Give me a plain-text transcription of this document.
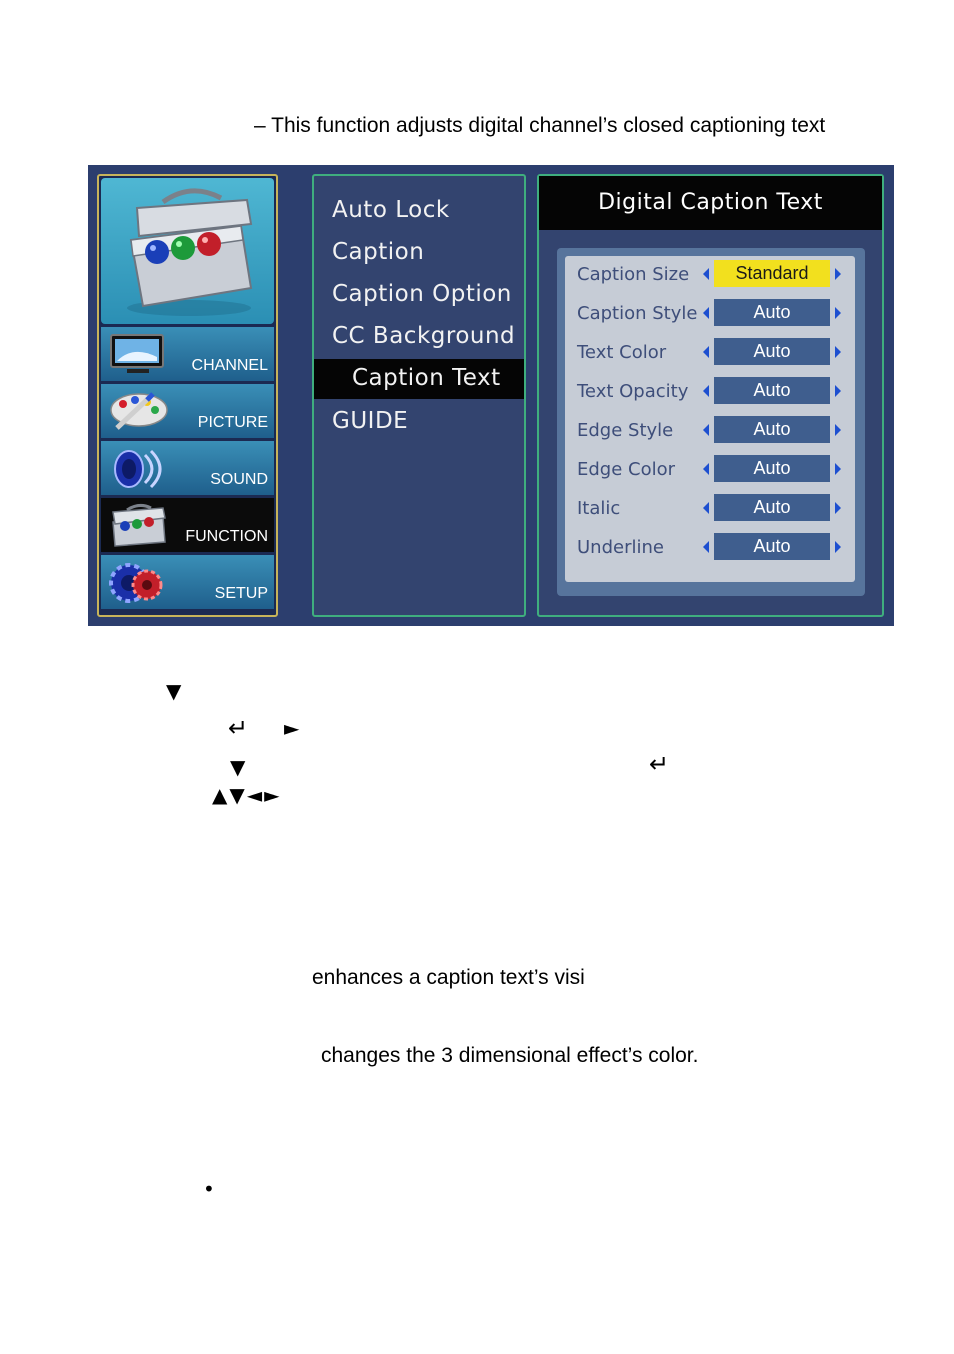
– This function adjusts digital channel’s closed captioning text
CHANNEL
PICTURE
SOUND
FUNCTION
SETUP
Auto Lock
Caption
Caption Option
CC Background
Caption Text
GUIDE
Digital Caption Text
Caption Size	Standard
Caption Style	Auto
Text Color	Auto
Text Opacity	Auto
Edge Style	Auto
Edge Color	Auto
Italic	Auto
Underline	Auto
▼
↵ ►
▼	↵
▲▼◄►
enhances a caption text’s visi
changes the 3 dimensional effect’s color.
•
